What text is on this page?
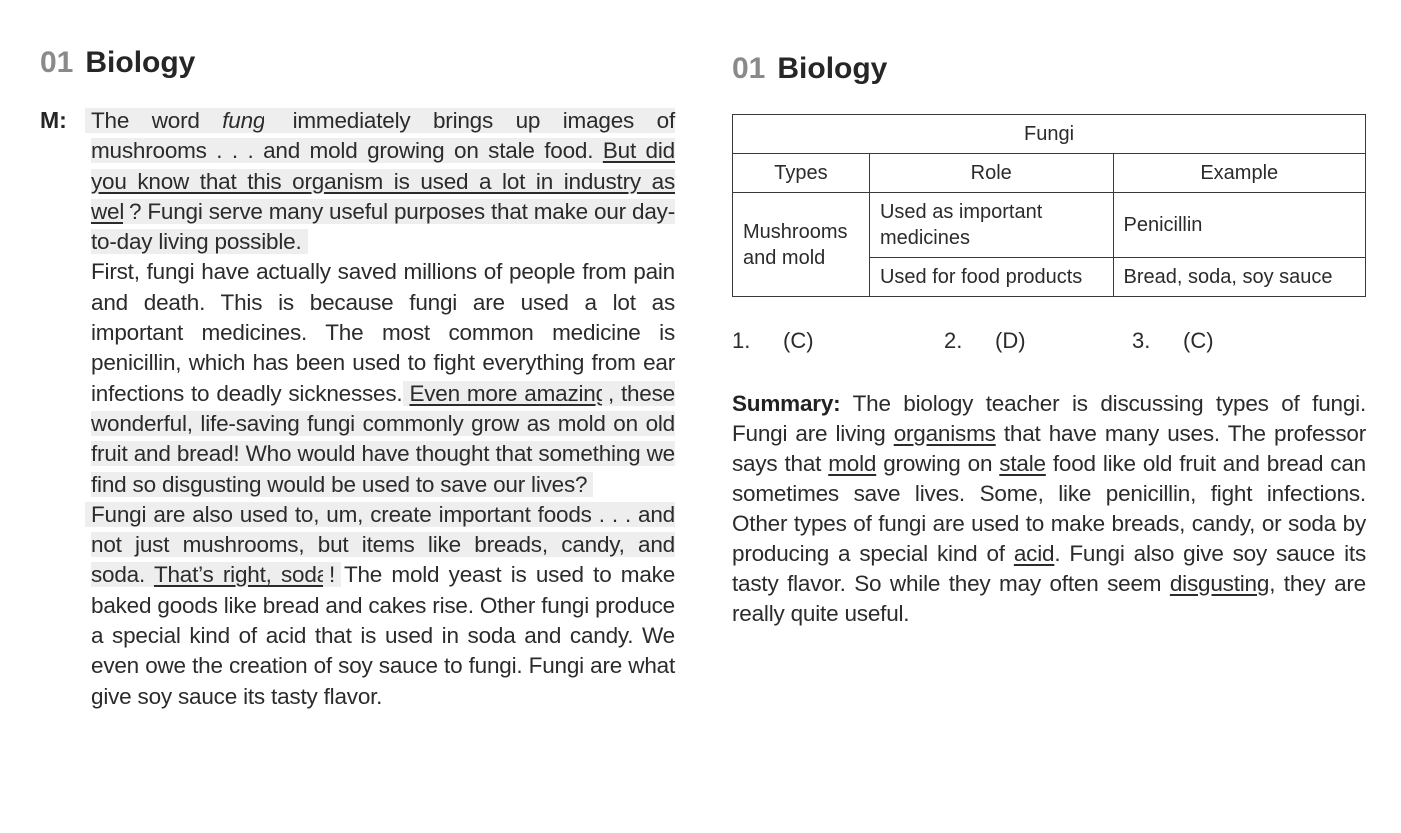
01 Biology
M: The word fungi immediately brings up images of mushrooms . . . and mold growing on stale food. But did you know that this organism is used a lot in industry as well? Fungi serve many useful purposes that make our day-to-day living possible.

First, fungi have actually saved millions of people from pain and death. This is because fungi are used a lot as important medicines. The most common medicine is penicillin, which has been used to fight everything from ear infections to deadly sicknesses. Even more amazing, these wonderful, life-saving fungi commonly grow as mold on old fruit and bread! Who would have thought that something we find so disgusting would be used to save our lives?

Fungi are also used to, um, create important foods . . . and not just mushrooms, but items like breads, candy, and soda. That’s right, soda! The mold yeast is used to make baked goods like bread and cakes rise. Other fungi produce a special kind of acid that is used in soda and candy. We even owe the creation of soy sauce to fungi. Fungi are what give soy sauce its tasty flavor.

01 Biology
Fungi		
Types	Role	Example
Mushrooms and mold	Used as important medicines	Penicillin
	Used for food products	Bread, soda, soy sauce
1. (C)	2. (D)	3. (C)
Summary: The biology teacher is discussing types of fungi. Fungi are living organisms that have many uses. The professor says that mold growing on stale food like old fruit and bread can sometimes save lives. Some, like penicillin, fight infections. Other types of fungi are used to make breads, candy, or soda by producing a special kind of acid. Fungi also give soy sauce its tasty flavor. So while they may often seem disgusting, they are really quite useful.
